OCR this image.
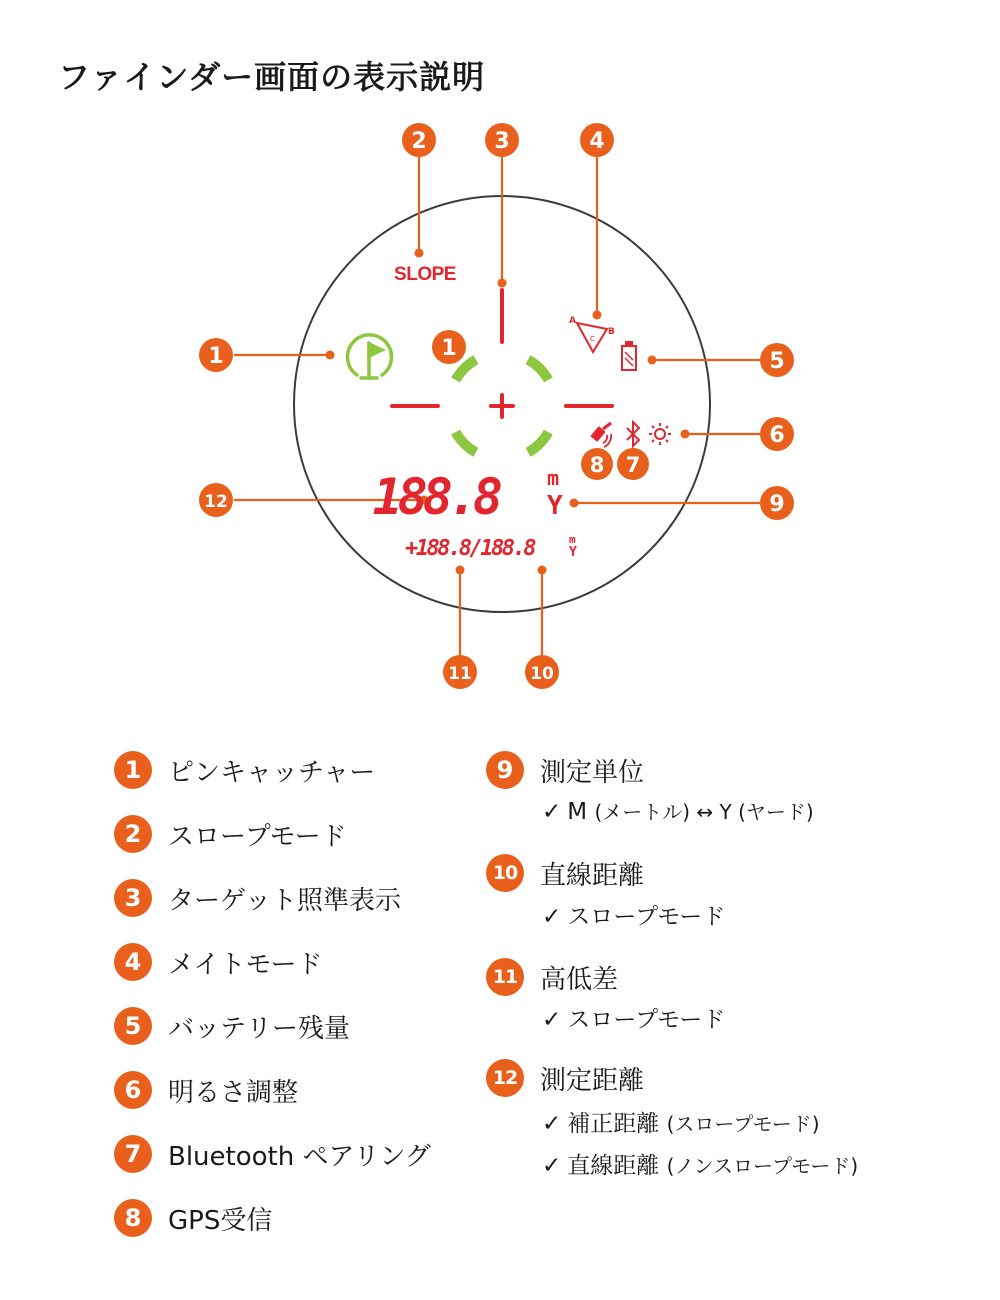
ファインダー画面の表示説明
2	3	4
1	1
5
6
8 7
12	9
11	10
SLOPE
A
B
C
188.8 m
Y
+188.8/188.8	m
Y
1	ピンキャッチャー
2	スロープモード
3	ターゲット照準表示
4	メイトモード
5	バッテリー残量
6	明るさ調整
7	Bluetooth ペアリング
8	GPS受信
9	測定単位
✓ M (メートル) ↔ Y (ヤード)
10 直線距離
✓ スロープモード
11 高低差
✓ スロープモード
12 測定距離
✓ 補正距離 (スロープモード)
✓ 直線距離 (ノンスロープモード)
